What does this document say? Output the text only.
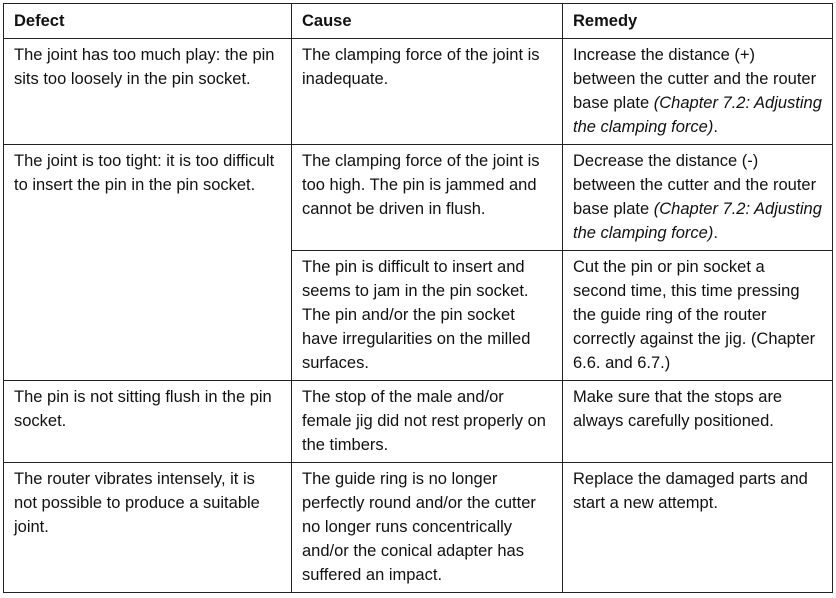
Defect	Cause	Remedy
The joint has too much play: the pin sits too loosely in the pin socket.	The clamping force of the joint is inadequate.	Increase the distance (+) between the cutter and the router base plate (Chapter 7.2: Adjusting the clamping force).
The joint is too tight: it is too difficult to insert the pin in the pin socket.	The clamping force of the joint is too high. The pin is jammed and cannot be driven in flush.	Decrease the distance (-) between the cutter and the router base plate (Chapter 7.2: Adjusting the clamping force).
	The pin is difficult to insert and seems to jam in the pin socket. The pin and/or the pin socket have irregularities on the milled surfaces.	Cut the pin or pin socket a second time, this time pressing the guide ring of the router correctly against the jig. (Chapter 6.6. and 6.7.)
The pin is not sitting flush in the pin socket.	The stop of the male and/or female jig did not rest properly on the timbers.	Make sure that the stops are always carefully positioned.
The router vibrates intensely, it is not possible to produce a suitable joint.	The guide ring is no longer perfectly round and/or the cutter no longer runs concentrically and/or the conical adapter has suffered an impact.	Replace the damaged parts and start a new attempt.
